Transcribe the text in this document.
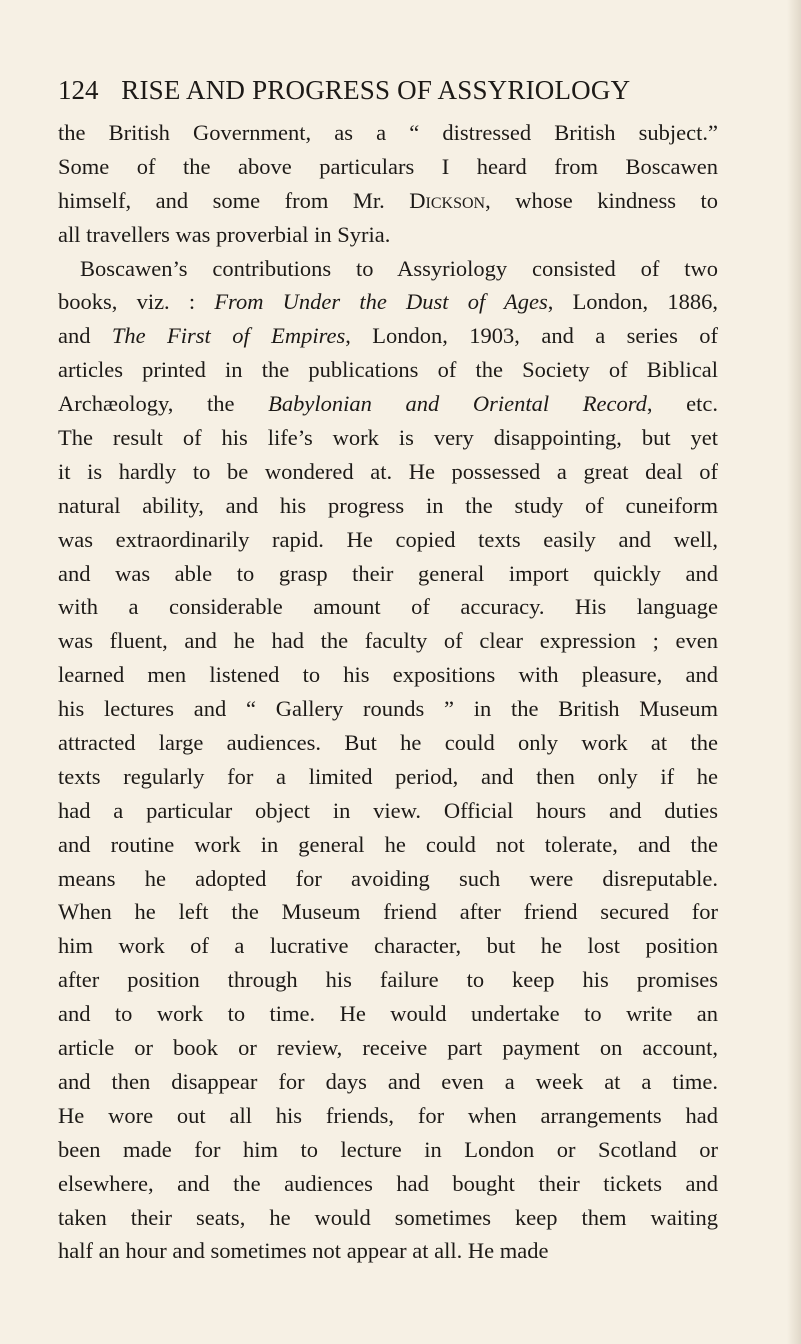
124 RISE AND PROGRESS OF ASSYRIOLOGY
the British Government, as a “ distressed British subject.”
Some of the above particulars I heard from Boscawen
himself, and some from Mr. Dickson, whose kindness to
all travellers was proverbial in Syria.
Boscawen’s contributions to Assyriology consisted of two
books, viz. : From Under the Dust of Ages, London, 1886,
and The First of Empires, London, 1903, and a series of
articles printed in the publications of the Society of Biblical
Archæology, the Babylonian and Oriental Record, etc.
The result of his life’s work is very disappointing, but yet
it is hardly to be wondered at. He possessed a great deal of
natural ability, and his progress in the study of cuneiform
was extraordinarily rapid. He copied texts easily and well,
and was able to grasp their general import quickly and
with a considerable amount of accuracy. His language
was fluent, and he had the faculty of clear expression ; even
learned men listened to his expositions with pleasure, and
his lectures and “ Gallery rounds ” in the British Museum
attracted large audiences. But he could only work at the
texts regularly for a limited period, and then only if he
had a particular object in view. Official hours and duties
and routine work in general he could not tolerate, and the
means he adopted for avoiding such were disreputable.
When he left the Museum friend after friend secured for
him work of a lucrative character, but he lost position
after position through his failure to keep his promises
and to work to time. He would undertake to write an
article or book or review, receive part payment on account,
and then disappear for days and even a week at a time.
He wore out all his friends, for when arrangements had
been made for him to lecture in London or Scotland or
elsewhere, and the audiences had bought their tickets and
taken their seats, he would sometimes keep them waiting
half an hour and sometimes not appear at all. He made
